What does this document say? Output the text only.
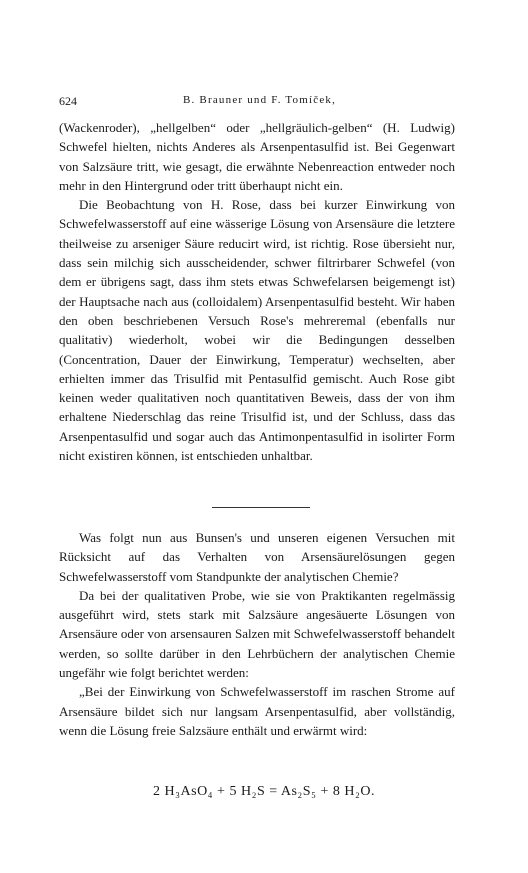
624	B. Brauner und F. Tomíček,

(Wackenroder), „hellgelben“ oder „hellgräulich-gelben“ (H. Ludwig) Schwefel hielten, nichts Anderes als Arsenpentasulfid ist. Bei Gegenwart von Salzsäure tritt, wie gesagt, die erwähnte Nebenreaction entweder noch mehr in den Hintergrund oder tritt überhaupt nicht ein.

Die Beobachtung von H. Rose, dass bei kurzer Einwirkung von Schwefelwasserstoff auf eine wässerige Lösung von Arsensäure die letztere theilweise zu arseniger Säure reducirt wird, ist richtig. Rose übersieht nur, dass sein milchig sich ausscheidender, schwer filtrirbarer Schwefel (von dem er übrigens sagt, dass ihm stets etwas Schwefelarsen beigemengt ist) der Hauptsache nach aus (colloidalem) Arsenpentasulfid besteht. Wir haben den oben beschriebenen Versuch Rose's mehreremal (ebenfalls nur qualitativ) wiederholt, wobei wir die Bedingungen desselben (Concentration, Dauer der Einwirkung, Temperatur) wechselten, aber erhielten immer das Trisulfid mit Pentasulfid gemischt. Auch Rose gibt keinen weder qualitativen noch quantitativen Beweis, dass der von ihm erhaltene Niederschlag das reine Trisulfid ist, und der Schluss, dass das Arsenpentasulfid und sogar auch das Antimonpentasulfid in isolirter Form nicht existiren können, ist entschieden unhaltbar.

Was folgt nun aus Bunsen's und unseren eigenen Versuchen mit Rücksicht auf das Verhalten von Arsensäurelösungen gegen Schwefelwasserstoff vom Standpunkte der analytischen Chemie?

Da bei der qualitativen Probe, wie sie von Praktikanten regelmässig ausgeführt wird, stets stark mit Salzsäure angesäuerte Lösungen von Arsensäure oder von arsensauren Salzen mit Schwefelwasserstoff behandelt werden, so sollte darüber in den Lehrbüchern der analytischen Chemie ungefähr wie folgt berichtet werden:

„Bei der Einwirkung von Schwefelwasserstoff im raschen Strome auf Arsensäure bildet sich nur langsam Arsenpentasulfid, aber vollständig, wenn die Lösung freie Salzsäure enthält und erwärmt wird:

2 H₃AsO₄ + 5 H₂S = As₂S₅ + 8 H₂O.
